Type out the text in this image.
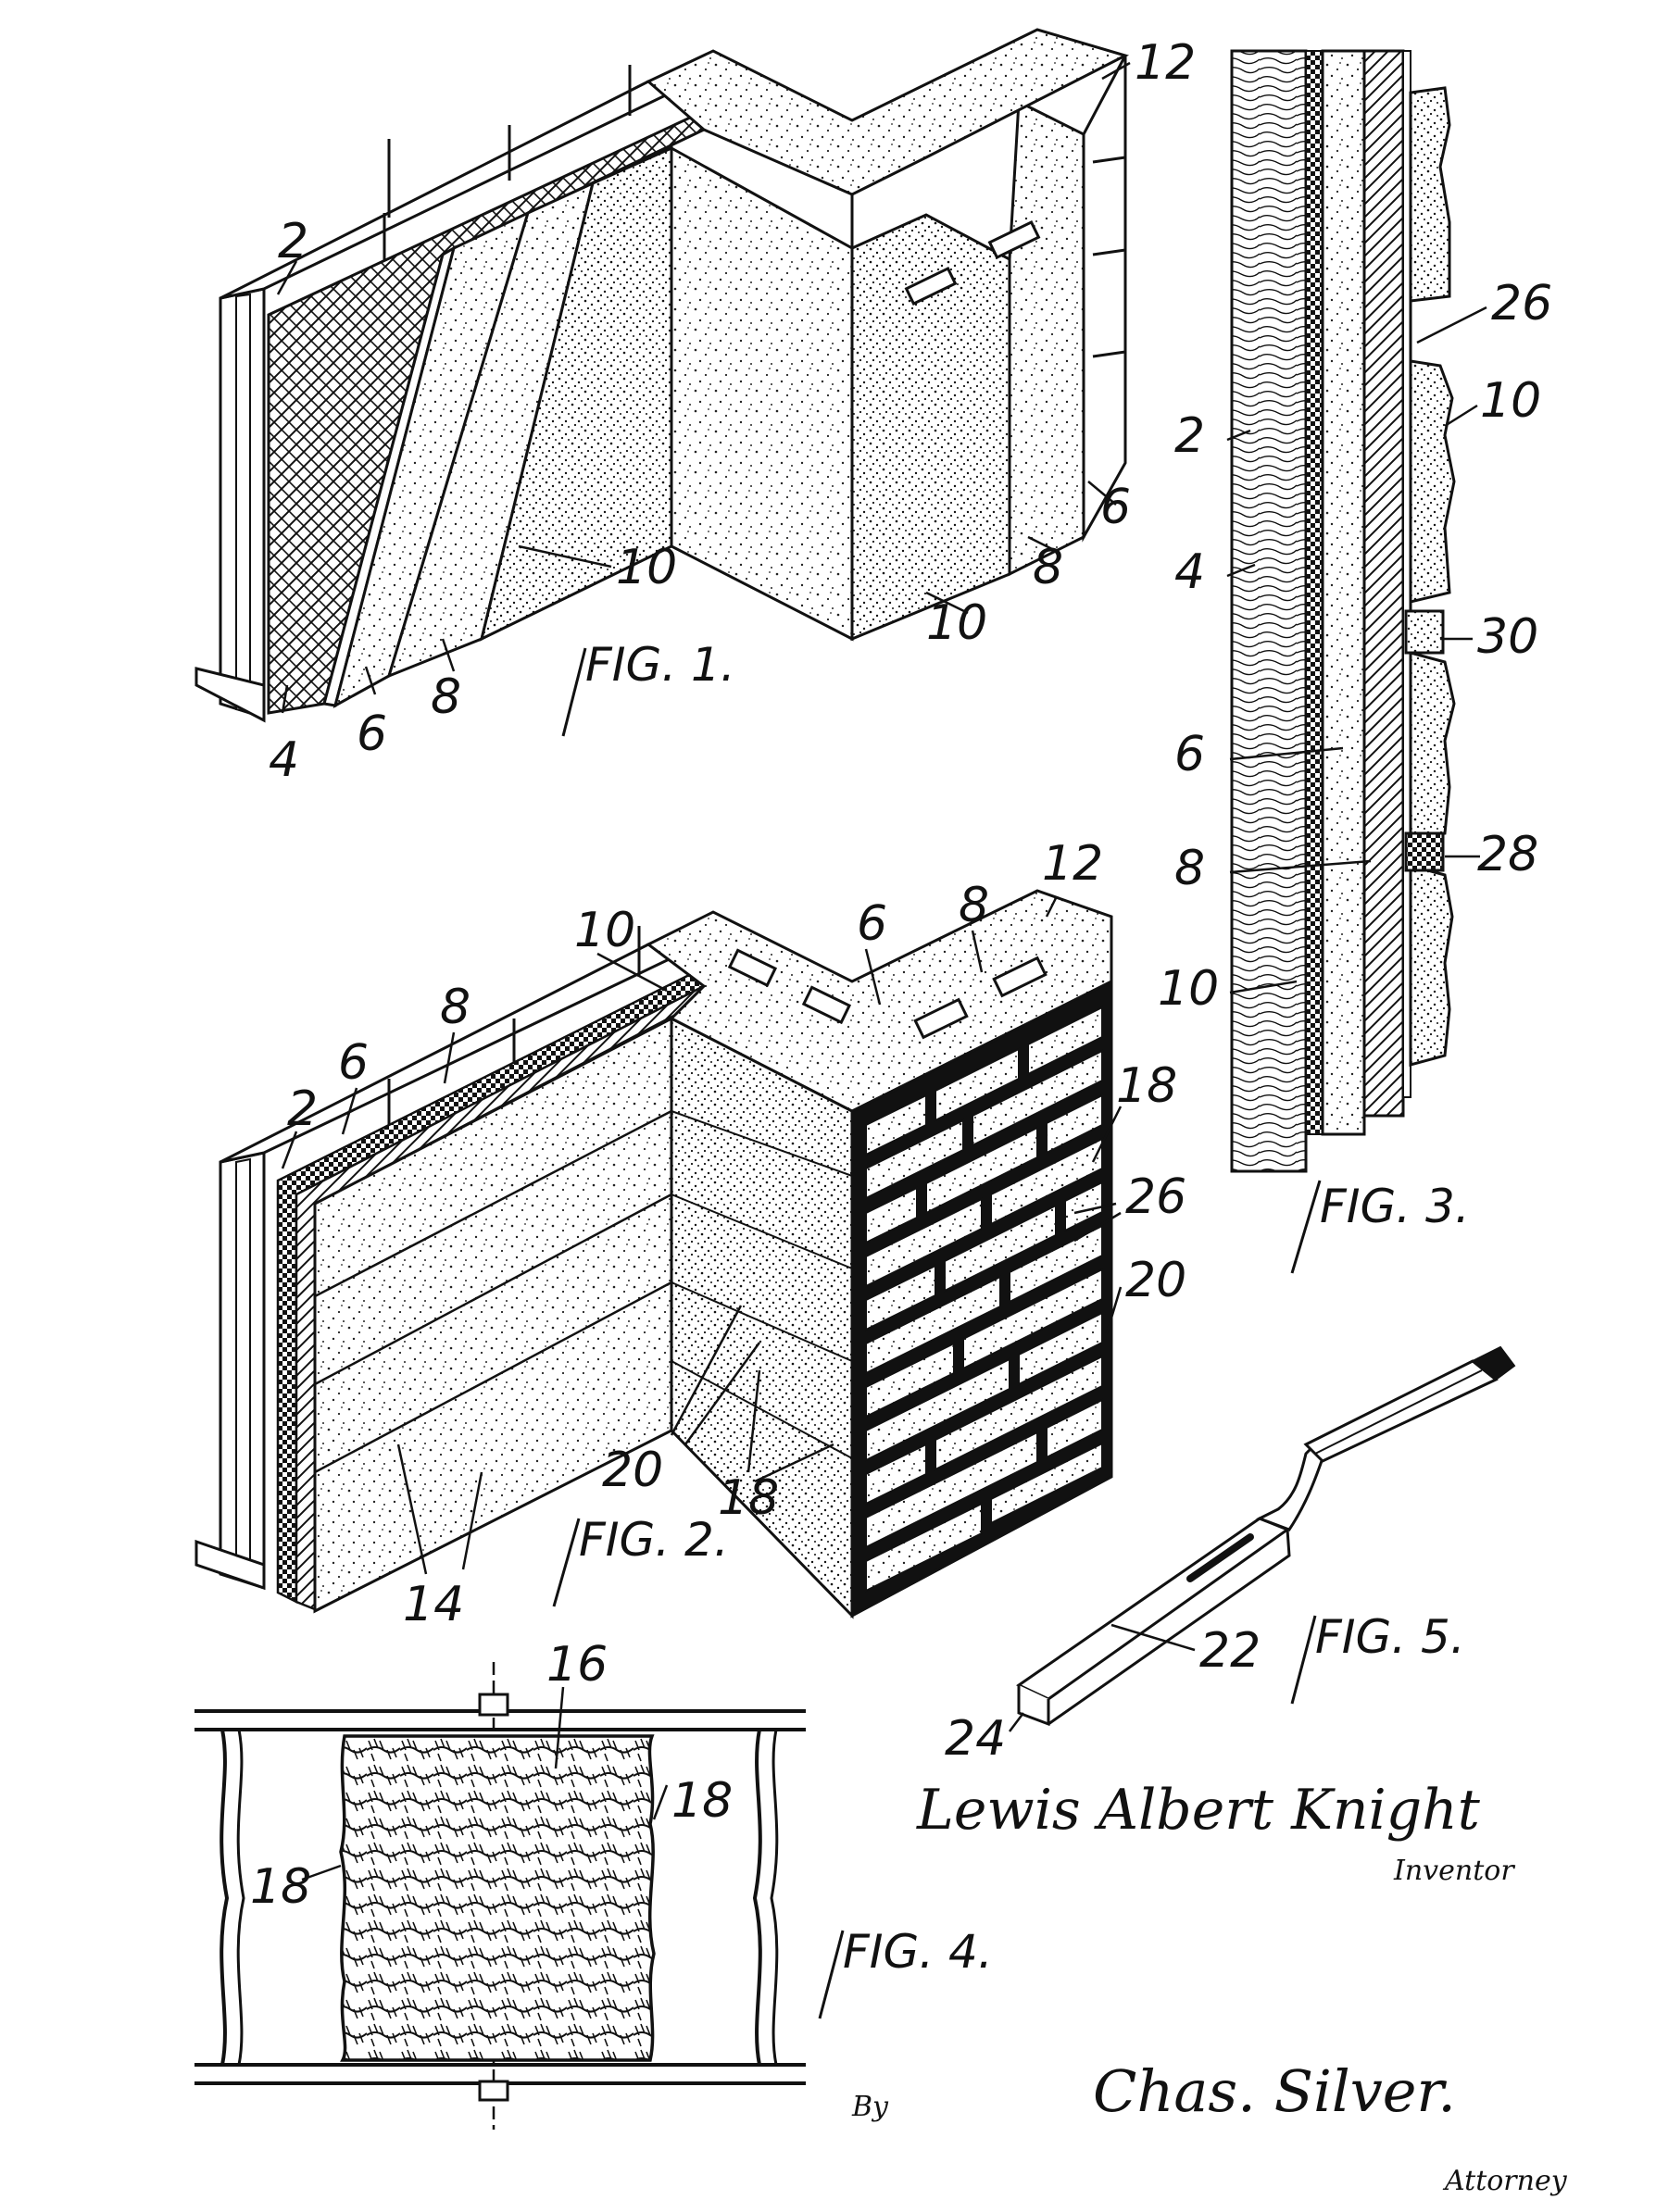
2
4 6
8
10
10
8
6
12
FIG. 1.
26
10
2
4
30
6
8	28
10
FIG. 3.
2
6
8
10	6 8
12
18
26
20
20 18
14
FIG. 2.
16
18
18
FIG. 4.
22
24
FIG. 5.
Lewis Albert Knight
Inventor
By	Chas. Silver.
Attorney
